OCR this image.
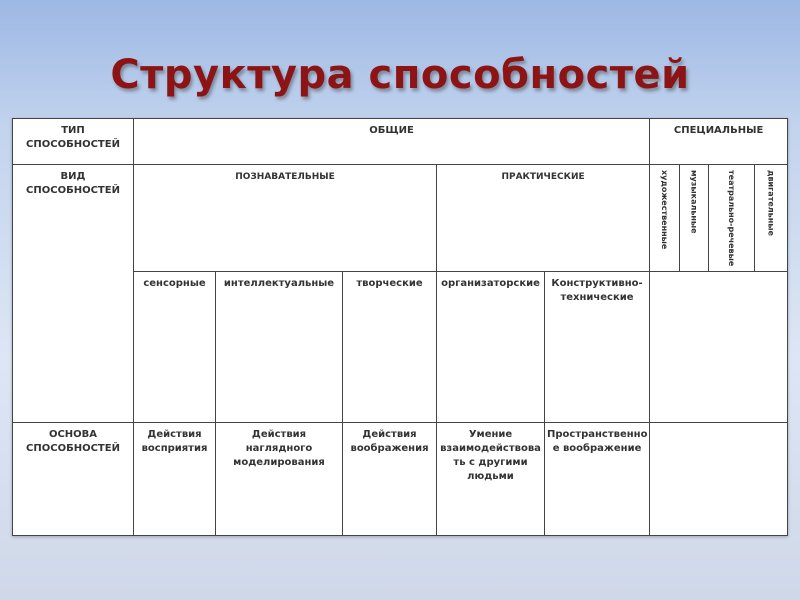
Структура способностей
ТИП СПОСОБНОСТЕЙ	ОБЩИЕ					СПЕЦИАЛЬНЫЕ			
ВИД СПОСОБНОСТЕЙ	ПОЗНАВАТЕЛЬНЫЕ			ПРАКТИЧЕСКИЕ		художественные	музыкальные	театрально-речевые	двигательные
	сенсорные	интеллектуальные	творческие	организаторские	Конструктивно-технические				
ОСНОВА СПОСОБНОСТЕЙ	Действия восприятия	Действия наглядного моделирования	Действия воображения	Умение взаимодействова ть с другими людьми	Пространственно е воображение				
